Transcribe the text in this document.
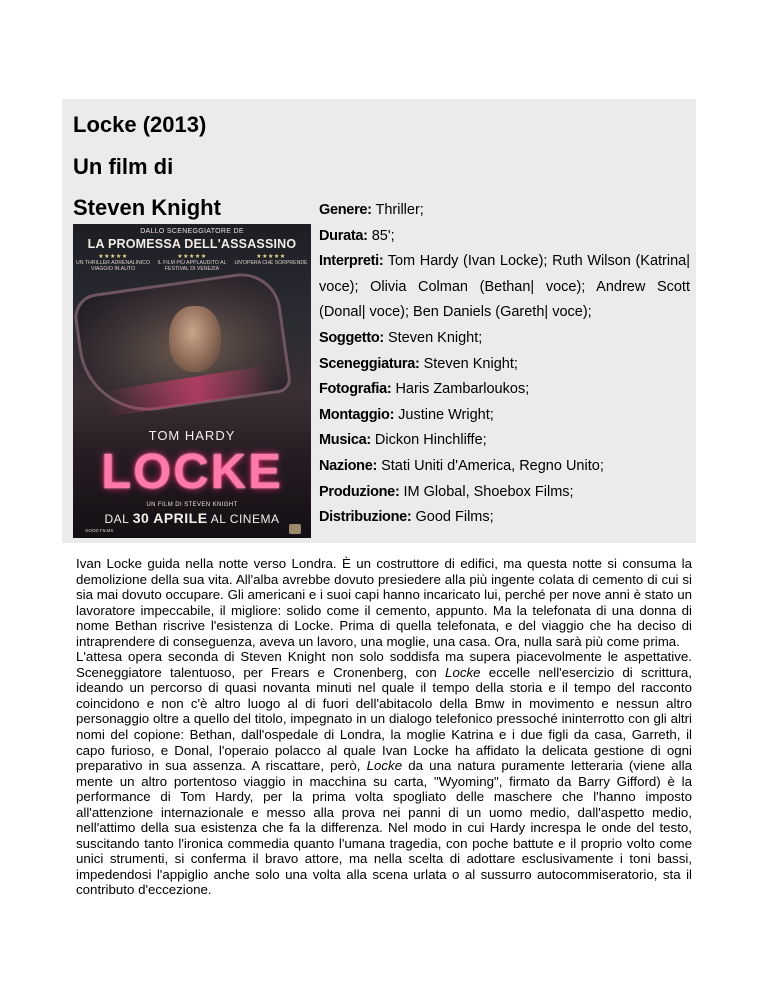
Locke (2013)
Un film di
Steven Knight
DALLO SCENEGGIATORE DE
LA PROMESSA DELL'ASSASSINO
★★★★★
UN THRILLER ADRENALINICO VIAGGIO IN AUTO
★★★★★
IL FILM PIÙ APPLAUDITO AL FESTIVAL DI VENEZIA
★★★★★
UN'OPERA CHE SORPRENDE
TOM HARDY
LOCKE
UN FILM DI STEVEN KNIGHT
DAL 30 APRILE AL CINEMA
GOOD FILMS
Genere: Thriller;
Durata: 85';
Interpreti: Tom Hardy (Ivan Locke); Ruth Wilson (Katrina| voce); Olivia Colman (Bethan| voce); Andrew Scott (Donal| voce); Ben Daniels (Gareth| voce);
Soggetto: Steven Knight;
Sceneggiatura: Steven Knight;
Fotografia: Haris Zambarloukos;
Montaggio: Justine Wright;
Musica: Dickon Hinchliffe;
Nazione: Stati Uniti d'America, Regno Unito;
Produzione: IM Global, Shoebox Films;
Distribuzione: Good Films;

Ivan Locke guida nella notte verso Londra. È un costruttore di edifici, ma questa notte si consuma la demolizione della sua vita. All'alba avrebbe dovuto presiedere alla più ingente colata di cemento di cui si sia mai dovuto occupare. Gli americani e i suoi capi hanno incaricato lui, perché per nove anni è stato un lavoratore impeccabile, il migliore: solido come il cemento, appunto. Ma la telefonata di una donna di nome Bethan riscrive l'esistenza di Locke. Prima di quella telefonata, e del viaggio che ha deciso di intraprendere di conseguenza, aveva un lavoro, una moglie, una casa. Ora, nulla sarà più come prima.

L'attesa opera seconda di Steven Knight non solo soddisfa ma supera piacevolmente le aspettative. Sceneggiatore talentuoso, per Frears e Cronenberg, con Locke eccelle nell'esercizio di scrittura, ideando un percorso di quasi novanta minuti nel quale il tempo della storia e il tempo del racconto coincidono e non c'è altro luogo al di fuori dell'abitacolo della Bmw in movimento e nessun altro personaggio oltre a quello del titolo, impegnato in un dialogo telefonico pressoché ininterrotto con gli altri nomi del copione: Bethan, dall'ospedale di Londra, la moglie Katrina e i due figli da casa, Garreth, il capo furioso, e Donal, l'operaio polacco al quale Ivan Locke ha affidato la delicata gestione di ogni preparativo in sua assenza. A riscattare, però, Locke da una natura puramente letteraria (viene alla mente un altro portentoso viaggio in macchina su carta, "Wyoming", firmato da Barry Gifford) è la performance di Tom Hardy, per la prima volta spogliato delle maschere che l'hanno imposto all'attenzione internazionale e messo alla prova nei panni di un uomo medio, dall'aspetto medio, nell'attimo della sua esistenza che fa la differenza. Nel modo in cui Hardy increspa le onde del testo, suscitando tanto l'ironica commedia quanto l'umana tragedia, con poche battute e il proprio volto come unici strumenti, si conferma il bravo attore, ma nella scelta di adottare esclusivamente i toni bassi, impedendosi l'appiglio anche solo una volta alla scena urlata o al sussurro autocommiseratorio, sta il contributo d'eccezione.
